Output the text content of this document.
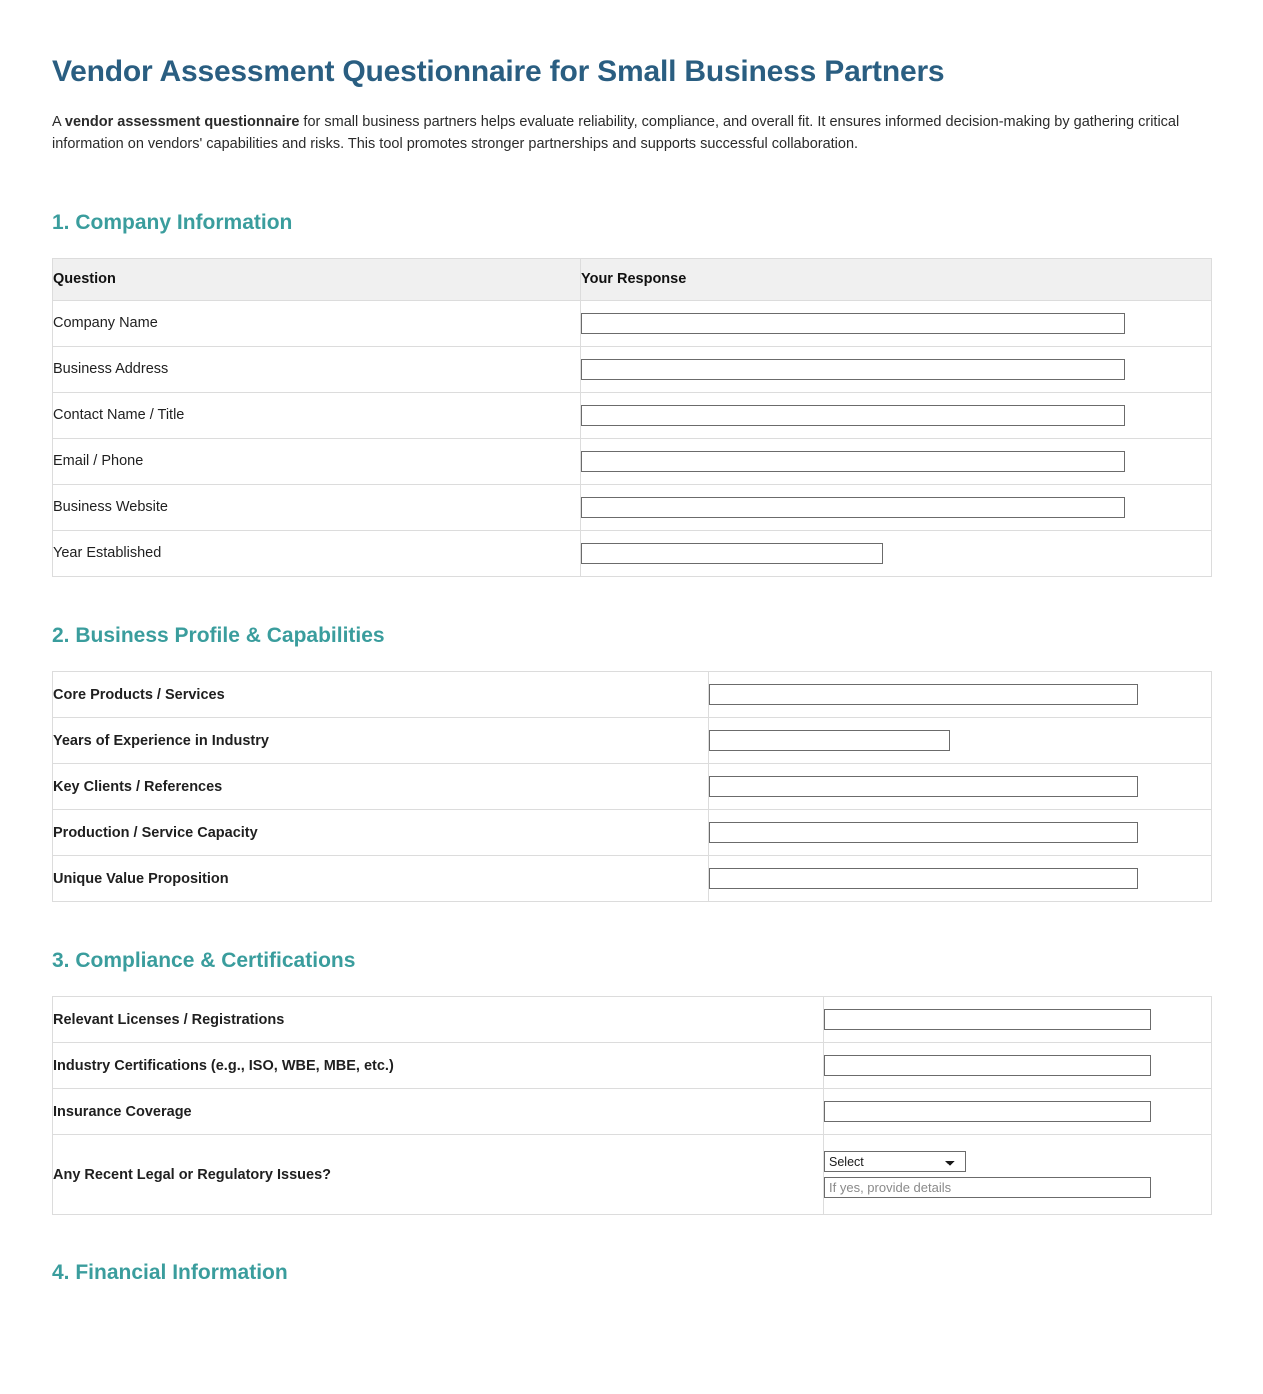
Vendor Assessment Questionnaire for Small Business Partners

A vendor assessment questionnaire for small business partners helps evaluate reliability, compliance, and overall fit. It ensures informed decision-making by gathering critical information on vendors' capabilities and risks. This tool promotes stronger partnerships and supports successful collaboration.

1. Company Information
Question	Your Response
Company Name	

Business Address	

Contact Name / Title	

Email / Phone	

Business Website	

Year Established	
2. Business Profile & Capabilities
Core Products / Services	

Years of Experience in Industry	

Key Clients / References	

Production / Service Capacity	

Unique Value Proposition	
3. Compliance & Certifications
Relevant Licenses / Registrations	

Industry Certifications (e.g., ISO, WBE, MBE, etc.)	

Insurance Coverage	

Any Recent Legal or Regulatory Issues?	
Select
If yes, provide details
4. Financial Information
